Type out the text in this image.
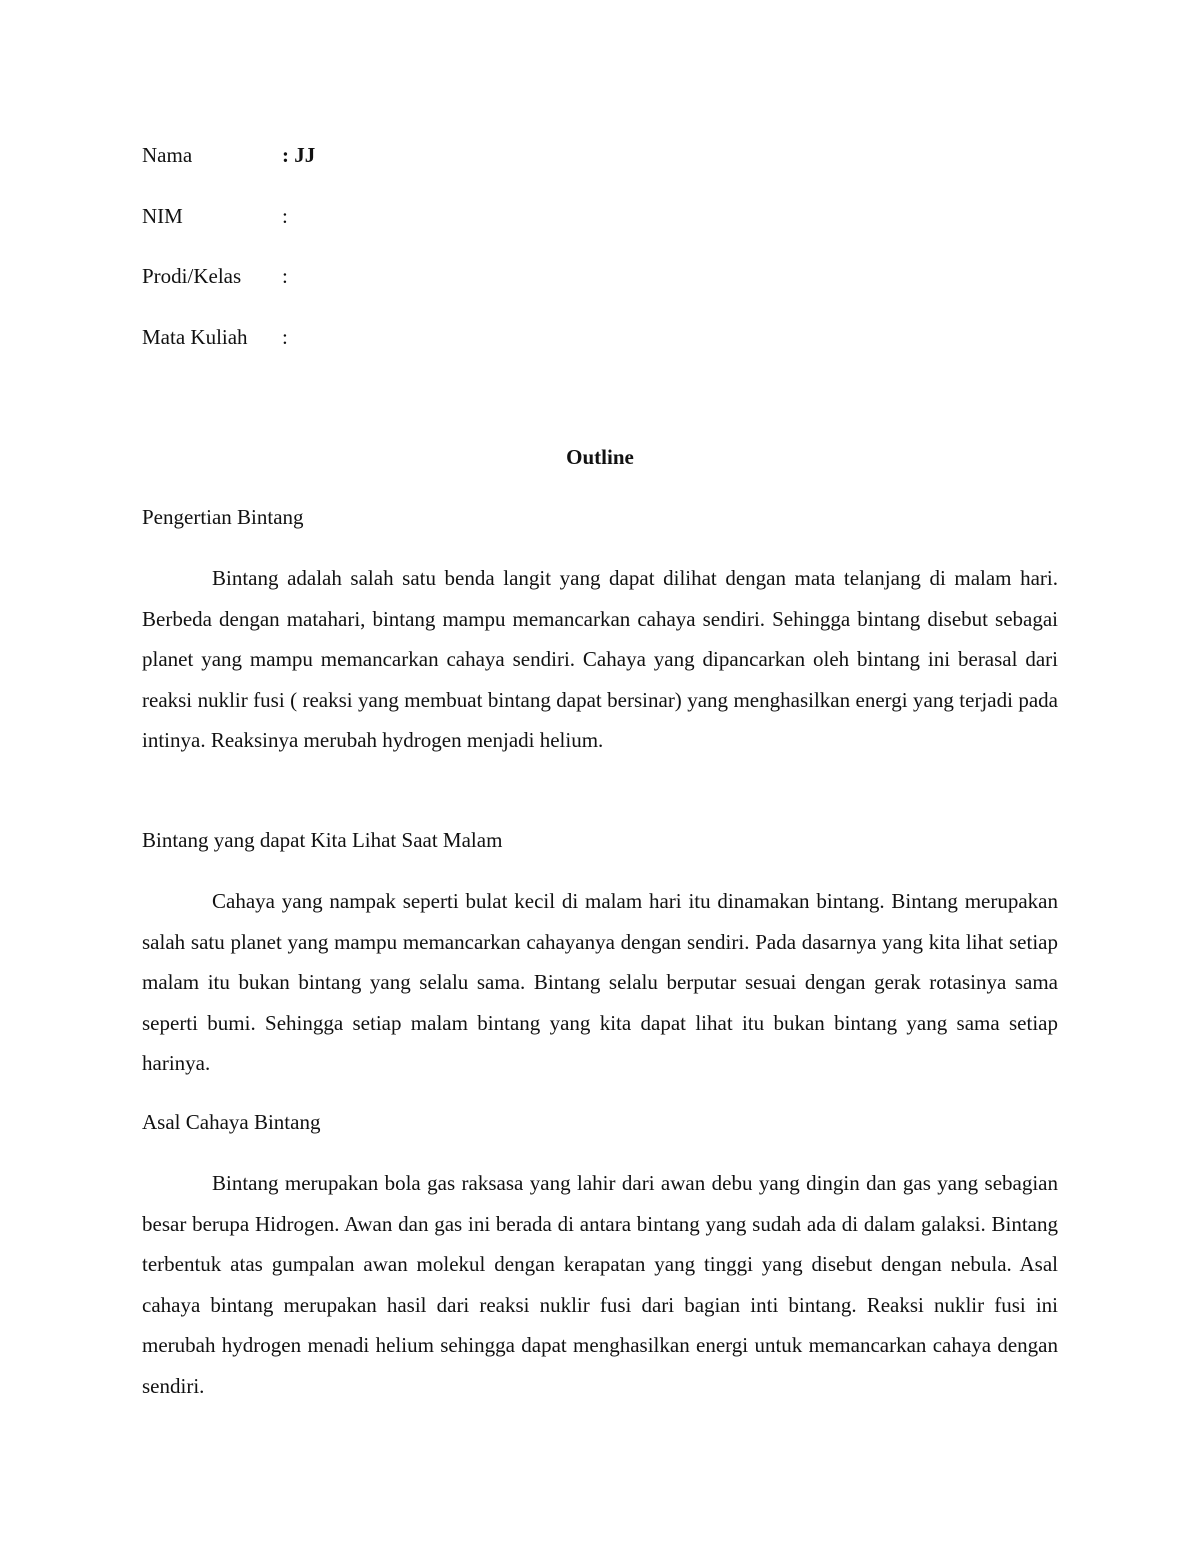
Nama	: JJ
NIM	:
Prodi/Kelas :
Mata Kuliah :
Outline
Pengertian Bintang

Bintang adalah salah satu benda langit yang dapat dilihat dengan mata telanjang di malam hari. Berbeda dengan matahari, bintang mampu memancarkan cahaya sendiri. Sehingga bintang disebut sebagai planet yang mampu memancarkan cahaya sendiri. Cahaya yang dipancarkan oleh bintang ini berasal dari reaksi nuklir fusi ( reaksi yang membuat bintang dapat bersinar) yang menghasilkan energi yang terjadi pada intinya. Reaksinya merubah hydrogen menjadi helium.

Bintang yang dapat Kita Lihat Saat Malam

Cahaya yang nampak seperti bulat kecil di malam hari itu dinamakan bintang. Bintang merupakan salah satu planet yang mampu memancarkan cahayanya dengan sendiri. Pada dasarnya yang kita lihat setiap malam itu bukan bintang yang selalu sama. Bintang selalu berputar sesuai dengan gerak rotasinya sama seperti bumi. Sehingga setiap malam bintang yang kita dapat lihat itu bukan bintang yang sama setiap harinya.

Asal Cahaya Bintang

Bintang merupakan bola gas raksasa yang lahir dari awan debu yang dingin dan gas yang sebagian besar berupa Hidrogen. Awan dan gas ini berada di antara bintang yang sudah ada di dalam galaksi. Bintang terbentuk atas gumpalan awan molekul dengan kerapatan yang tinggi yang disebut dengan nebula. Asal cahaya bintang merupakan hasil dari reaksi nuklir fusi dari bagian inti bintang. Reaksi nuklir fusi ini merubah hydrogen menadi helium sehingga dapat menghasilkan energi untuk memancarkan cahaya dengan sendiri.
